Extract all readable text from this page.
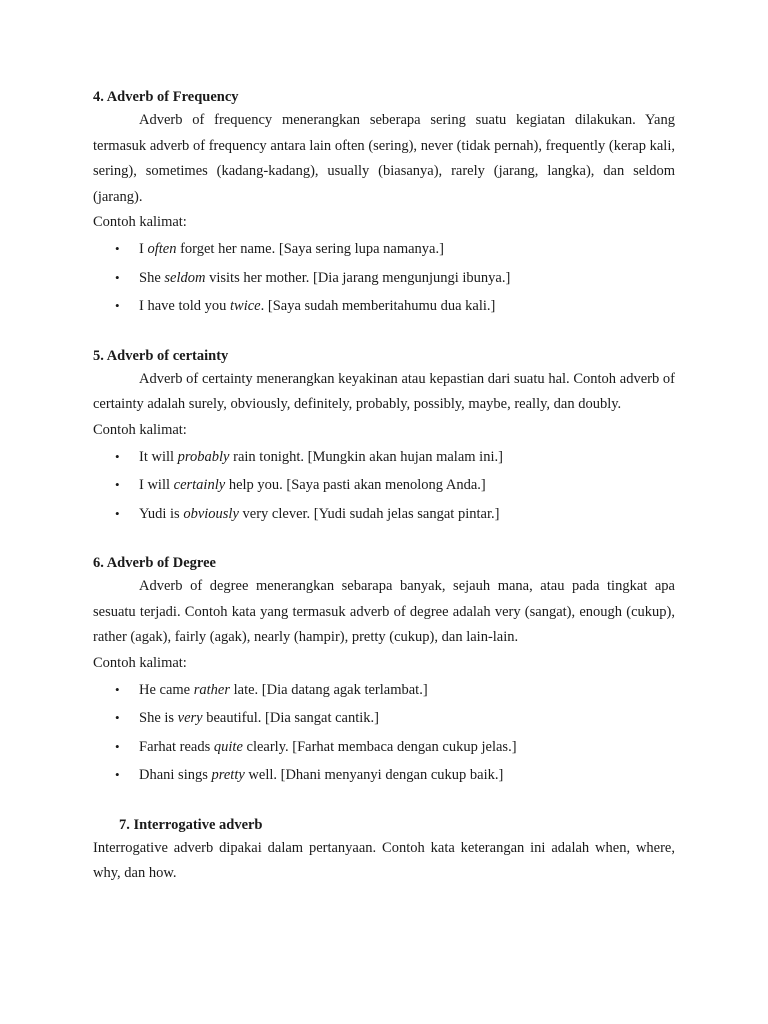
4. Adverb of Frequency

Adverb of frequency menerangkan seberapa sering suatu kegiatan dilakukan. Yang termasuk adverb of frequency antara lain often (sering), never (tidak pernah), frequently (kerap kali, sering), sometimes (kadang-kadang), usually (biasanya), rarely (jarang, langka), dan seldom (jarang).

Contoh kalimat:

• I often forget her name. [Saya sering lupa namanya.]
• She seldom visits her mother. [Dia jarang mengunjungi ibunya.]
• I have told you twice. [Saya sudah memberitahumu dua kali.]

5. Adverb of certainty

Adverb of certainty menerangkan keyakinan atau kepastian dari suatu hal. Contoh adverb of certainty adalah surely, obviously, definitely, probably, possibly, maybe, really, dan doubly.

Contoh kalimat:

• It will probably rain tonight. [Mungkin akan hujan malam ini.]
• I will certainly help you. [Saya pasti akan menolong Anda.]
• Yudi is obviously very clever. [Yudi sudah jelas sangat pintar.]

6. Adverb of Degree

Adverb of degree menerangkan sebarapa banyak, sejauh mana, atau pada tingkat apa sesuatu terjadi. Contoh kata yang termasuk adverb of degree adalah very (sangat), enough (cukup), rather (agak), fairly (agak), nearly (hampir), pretty (cukup), dan lain-lain.

Contoh kalimat:

• He came rather late. [Dia datang agak terlambat.]
• She is very beautiful. [Dia sangat cantik.]
• Farhat reads quite clearly. [Farhat membaca dengan cukup jelas.]
• Dhani sings pretty well. [Dhani menyanyi dengan cukup baik.]

7. Interrogative adverb

Interrogative adverb dipakai dalam pertanyaan. Contoh kata keterangan ini adalah when, where, why, dan how.
